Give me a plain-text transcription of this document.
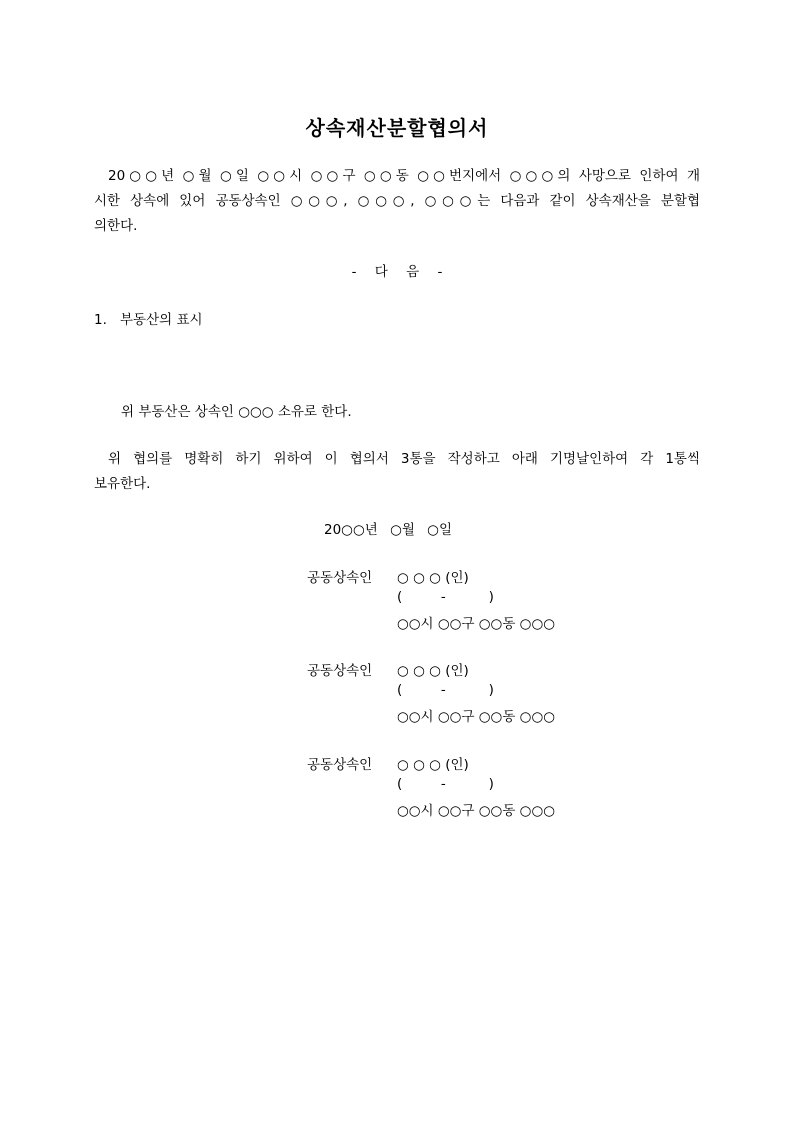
상속재산분할협의서
20○○년 ○월 ○일 ○○시 ○○구 ○○동 ○○번지에서 ○○○의 사망으로 인하여 개
시한 상속에 있어 공동상속인 ○○○, ○○○, ○○○는 다음과 같이 상속재산을 분할협
의한다.
- 다 음 -
1. 부동산의 표시
위 부동산은 상속인 ○○○ 소유로 한다.
위 협의를 명확히 하기 위하여 이 협의서 3통을 작성하고 아래 기명날인하여 각 1통씩
보유한다.
20○○년 ○월 ○일
공동상속인 ○ ○ ○ (인)
(         -          )
○○시 ○○구 ○○동 ○○○
공동상속인 ○ ○ ○ (인)
(         -          )
○○시 ○○구 ○○동 ○○○
공동상속인 ○ ○ ○ (인)
(         -          )
○○시 ○○구 ○○동 ○○○
